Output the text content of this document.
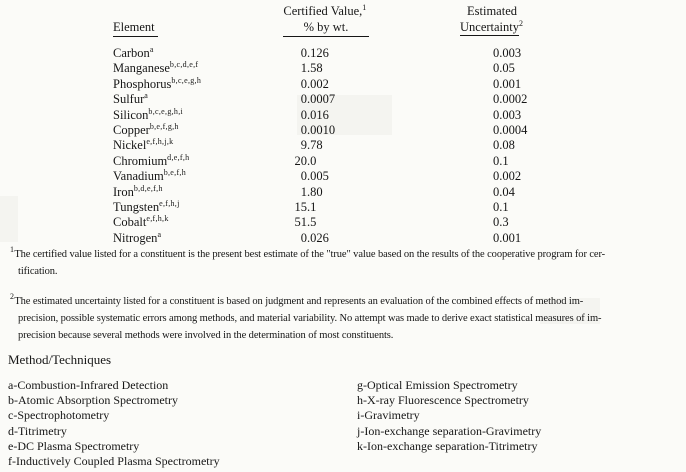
Certified Value,$^1$	Estimated
Element	% by wt.	Uncertainty$^2$
Carbon$^a$	0 .126	0.003
Manganese$^{b,c,d,e,f}$	1 .58	0.05
Phosphorus$^{b,c,e,g,h}$	0 .002	0.001
Sulfur$^a$	0 .0007	0.0002
Silicon$^{b,c,e,g,h,i}$	0 .016	0.003
Copper$^{b,e,f,g,h}$	0 .0010	0.0004
Nickel$^{e,f,h,j,k}$	9 .78	0.08
Chromium$^{d,e,f,h}$	20 .0	0.1
Vanadium$^{b,e,f,h}$	0 .005	0.002
Iron$^{b,d,e,f,h}$	1 .80	0.04
Tungsten$^{e,f,h,j}$	15 .1	0.1
Cobalt$^{e,f,h,k}$	51 .5	0.3
Nitrogen$^a$	0 .026	0.001
$^1$The certified value listed for a constituent is the present best estimate of the "true" value based on the results of the cooperative program for cer-
tification.
$^2$The estimated uncertainty listed for a constituent is based on judgment and represents an evaluation of the combined effects of method im-
precision, possible systematic errors among methods, and material variability. No attempt was made to derive exact statistical measures of im-
precision because several methods were involved in the determination of most constituents.
Method/Techniques
a-Combustion-Infrared Detection
b-Atomic Absorption Spectrometry
c-Spectrophotometry
d-Titrimetry
e-DC Plasma Spectrometry
f-Inductively Coupled Plasma Spectrometry
g-Optical Emission Spectrometry
h-X-ray Fluorescence Spectrometry
i-Gravimetry
j-Ion-exchange separation-Gravimetry
k-Ion-exchange separation-Titrimetry
